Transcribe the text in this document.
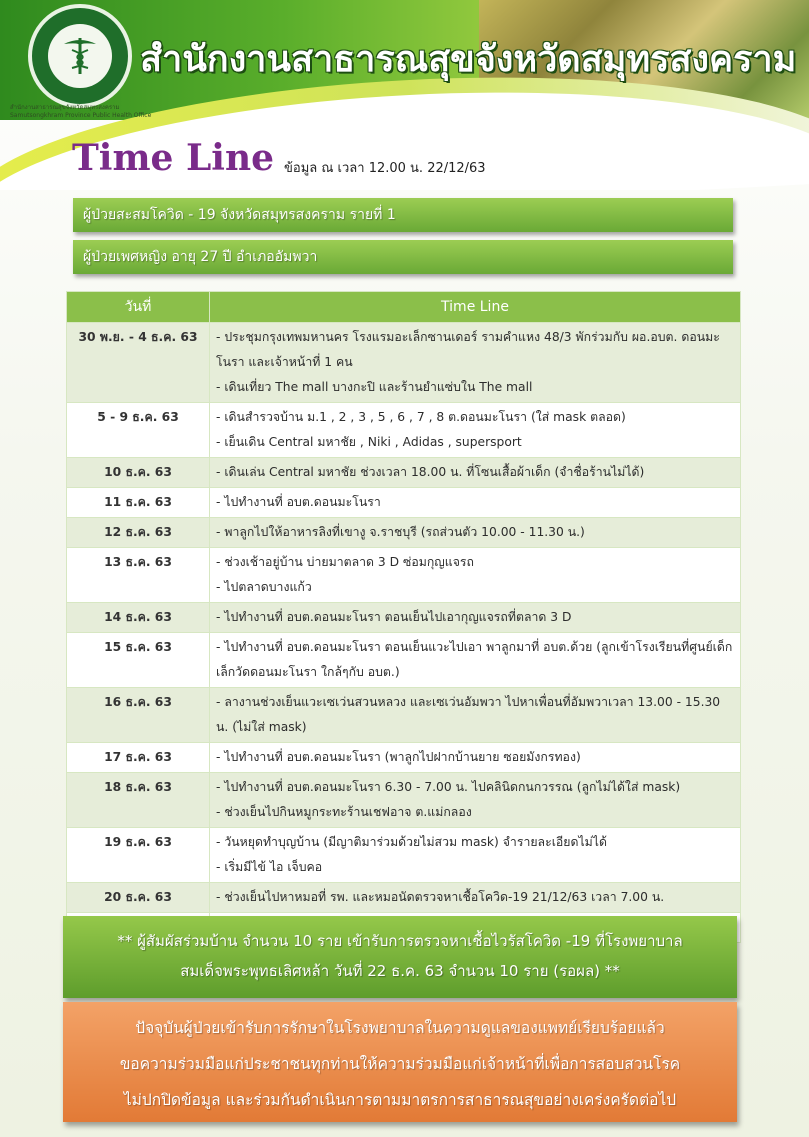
สำนักงานสาธารณสุขจังหวัดสมุทรสงคราม
สำนักงานสาธารณสุขจังหวัดสมุทรสงคราม
Samutsongkhram Province Public Health Office
Time Line ข้อมูล ณ เวลา 12.00 น. 22/12/63
ผู้ป่วยสะสมโควิด - 19 จังหวัดสมุทรสงคราม รายที่ 1
ผู้ป่วยเพศหญิง อายุ 27 ปี อำเภออัมพวา
วันที่	Time Line
30 พ.ย. - 4 ธ.ค. 63	- ประชุมกรุงเทพมหานคร โรงแรมอะเล็กซานเดอร์ รามคำแหง 48/3 พักร่วมกับ ผอ.อบต. ดอนมะโนรา และเจ้าหน้าที่ 1 คน
- เดินเที่ยว The mall บางกะปิ และร้านยำแซ่บใน The mall

5 - 9 ธ.ค. 63	- เดินสำรวจบ้าน ม.1 , 2 , 3 , 5 , 6 , 7 , 8 ต.ดอนมะโนรา (ใส่ mask ตลอด)
- เย็นเดิน Central มหาชัย , Niki , Adidas , supersport

10 ธ.ค. 63	- เดินเล่น Central มหาชัย ช่วงเวลา 18.00 น. ที่โซนเสื้อผ้าเด็ก (จำชื่อร้านไม่ได้)

11 ธ.ค. 63	- ไปทำงานที่ อบต.ดอนมะโนรา

12 ธ.ค. 63	- พาลูกไปให้อาหารลิงที่เขางู จ.ราชบุรี (รถส่วนตัว 10.00 - 11.30 น.)

13 ธ.ค. 63	- ช่วงเช้าอยู่บ้าน บ่ายมาตลาด 3 D ซ่อมกุญแจรถ
- ไปตลาดบางแก้ว

14 ธ.ค. 63	- ไปทำงานที่ อบต.ดอนมะโนรา ตอนเย็นไปเอากุญแจรถที่ตลาด 3 D

15 ธ.ค. 63	- ไปทำงานที่ อบต.ดอนมะโนรา ตอนเย็นแวะไปเอา พาลูกมาที่ อบต.ด้วย (ลูกเข้าโรงเรียนที่ศูนย์เด็กเล็กวัดดอนมะโนรา ใกล้ๆกับ อบต.)

16 ธ.ค. 63	- ลางานช่วงเย็นแวะเซเว่นสวนหลวง และเซเว่นอัมพวา ไปหาเพื่อนที่อัมพวาเวลา 13.00 - 15.30 น. (ไม่ใส่ mask)

17 ธ.ค. 63	- ไปทำงานที่ อบต.ดอนมะโนรา (พาลูกไปฝากบ้านยาย ซอยมังกรทอง)

18 ธ.ค. 63	- ไปทำงานที่ อบต.ดอนมะโนรา 6.30 - 7.00 น. ไปคลินิดกนกวรรณ (ลูกไม่ได้ใส่ mask)
- ช่วงเย็นไปกินหมูกระทะร้านเชฟอาจ ต.แม่กลอง

19 ธ.ค. 63	- วันหยุดทำบุญบ้าน (มีญาติมาร่วมด้วยไม่สวม mask) จำรายละเอียดไม่ได้
- เริ่มมีไข้ ไอ เจ็บคอ

20 ธ.ค. 63	- ช่วงเย็นไปหาหมอที่ รพ. และหมอนัดตรวจหาเชื้อโควิด-19 21/12/63 เวลา 7.00 น.

** ผู้สัมผัสร่วมบ้าน จำนวน 10 ราย เข้ารับการตรวจหาเชื้อไวรัสโควิด -19 ที่โรงพยาบาล
สมเด็จพระพุทธเลิศหล้า วันที่ 22 ธ.ค. 63 จำนวน 10 ราย (รอผล) **
ปัจจุบันผู้ป่วยเข้ารับการรักษาในโรงพยาบาลในความดูแลของแพทย์เรียบร้อยแล้ว
ขอความร่วมมือแก่ประชาชนทุกท่านให้ความร่วมมือแก่เจ้าหน้าที่เพื่อการสอบสวนโรค
ไม่ปกปิดข้อมูล และร่วมกันดำเนินการตามมาตรการสาธารณสุขอย่างเคร่งครัดต่อไป
